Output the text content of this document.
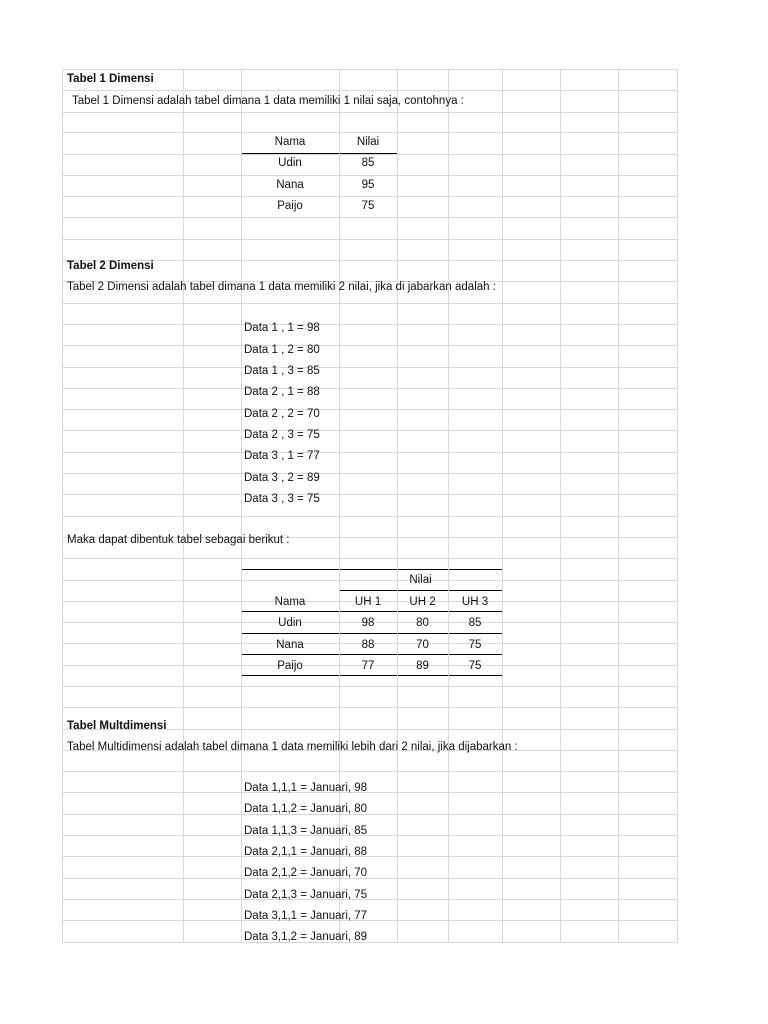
Tabel 1 Dimensi
Tabel 1 Dimensi adalah tabel dimana 1 data memiliki 1 nilai saja, contohnya :
Nama	Nilai
Udin	85
Nana	95
Paijo	75
Tabel 2 Dimensi
Tabel 2 Dimensi adalah tabel dimana 1 data memiliki 2 nilai, jika di jabarkan adalah :
Data 1 , 1 = 98
Data 1 , 2 = 80
Data 1 , 3 = 85
Data 2 , 1 = 88
Data 2 , 2 = 70
Data 2 , 3 = 75
Data 3 , 1 = 77
Data 3 , 2 = 89
Data 3 , 3 = 75
Maka dapat dibentuk tabel sebagai berikut :
Nilai
Nama	UH 1	UH 2	UH 3
Udin	98	80	85
Nana	88	70	75
Paijo	77	89	75
Tabel Multdimensi
Tabel Multidimensi adalah tabel dimana 1 data memiliki lebih dari 2 nilai, jika dijabarkan :
Data 1,1,1 = Januari, 98
Data 1,1,2 = Januari, 80
Data 1,1,3 = Januari, 85
Data 2,1,1 = Januari, 88
Data 2,1,2 = Januari, 70
Data 2,1,3 = Januari, 75
Data 3,1,1 = Januari, 77
Data 3,1,2 = Januari, 89
